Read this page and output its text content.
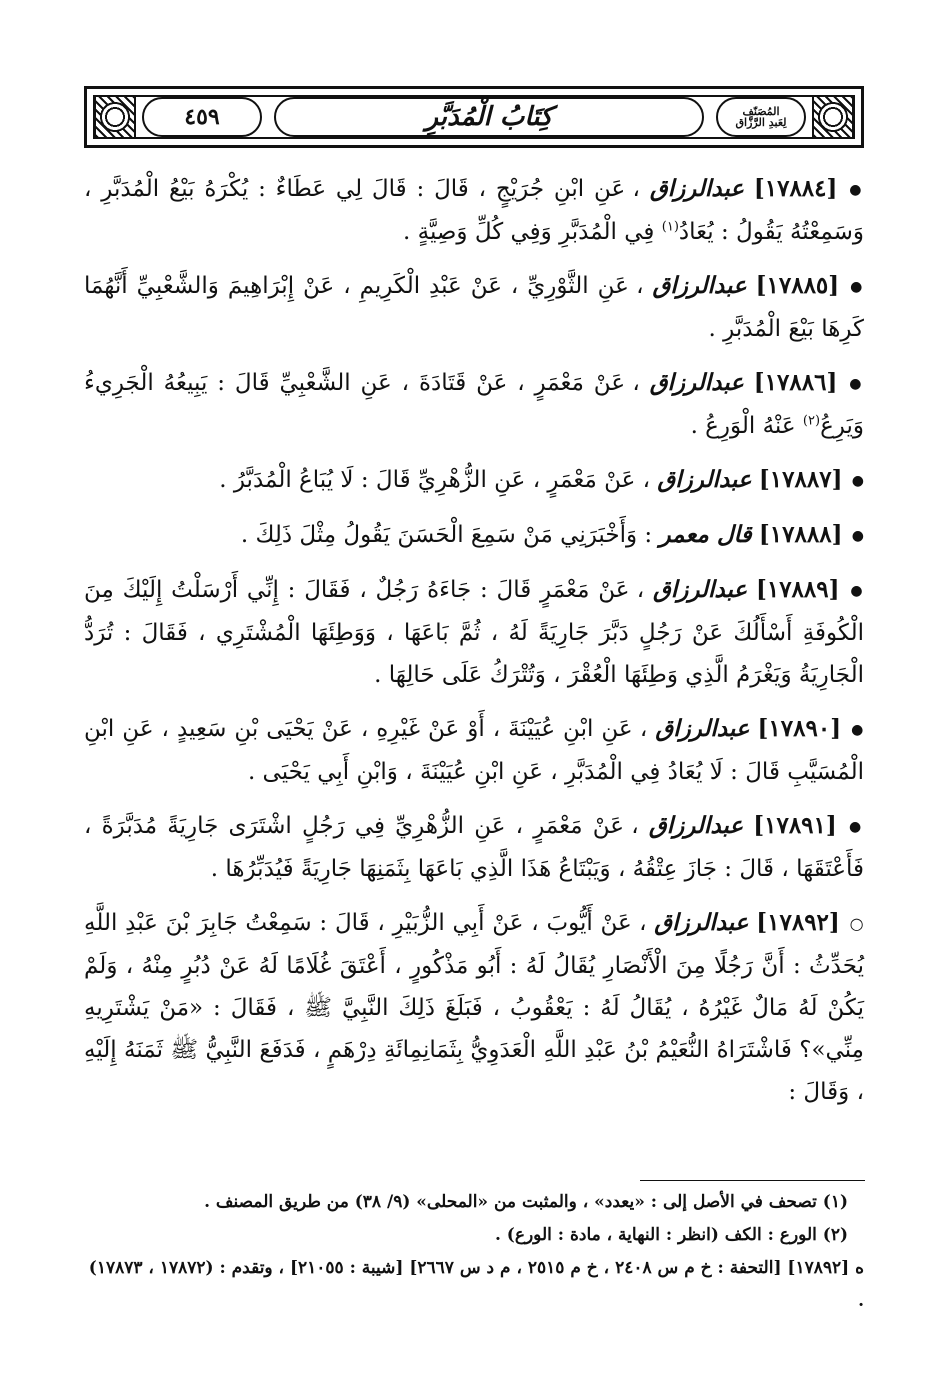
٤٥٩	كِتَابُ الْمُدَبَّرِ	المُصَنّف
لِعَبدِ الرَّزَّاق

● [١٧٨٨٤] عبدالرزاق ، عَنِ ابْنِ جُرَيْجٍ ، قَالَ : قَالَ لِي عَطَاءٌ : يُكْرَهُ بَيْعُ الْمُدَبَّرِ ، وَسَمِعْتُهُ يَقُولُ : يُعَادُ$^{(١)}$ فِي الْمُدَبَّرِ وَفِي كُلِّ وَصِيَّةٍ .

● [١٧٨٨٥] عبدالرزاق ، عَنِ الثَّوْرِيِّ ، عَنْ عَبْدِ الْكَرِيمِ ، عَنْ إِبْرَاهِيمَ وَالشَّعْبِيِّ أَنَّهُمَا كَرِهَا بَيْعَ الْمُدَبَّرِ .

● [١٧٨٨٦] عبدالرزاق ، عَنْ مَعْمَرٍ ، عَنْ قَتَادَةَ ، عَنِ الشَّعْبِيِّ قَالَ : يَبِيعُهُ الْجَرِيءُ وَيَرِعُ$^{(٢)}$ عَنْهُ الْوَرِعُ .

● [١٧٨٨٧] عبدالرزاق ، عَنْ مَعْمَرٍ ، عَنِ الزُّهْرِيِّ قَالَ : لَا يُبَاعُ الْمُدَبَّرُ .

● [١٧٨٨٨] قال معمر : وَأَخْبَرَنِي مَنْ سَمِعَ الْحَسَنَ يَقُولُ مِثْلَ ذَلِكَ .

● [١٧٨٨٩] عبدالرزاق ، عَنْ مَعْمَرٍ قَالَ : جَاءَهُ رَجُلٌ ، فَقَالَ : إِنِّي أَرْسَلْتُ إِلَيْكَ مِنَ الْكُوفَةِ أَسْأَلُكَ عَنْ رَجُلٍ دَبَّرَ جَارِيَةً لَهُ ، ثُمَّ بَاعَهَا ، وَوَطِئَهَا الْمُشْتَرِي ، فَقَالَ : تُرَدُّ الْجَارِيَةُ وَيَغْرَمُ الَّذِي وَطِئَهَا الْعُقْرَ ، وَتُتْرَكُ عَلَى حَالِهَا .

● [١٧٨٩٠] عبدالرزاق ، عَنِ ابْنِ عُيَيْنَةَ ، أَوْ عَنْ غَيْرِهِ ، عَنْ يَحْيَى بْنِ سَعِيدٍ ، عَنِ ابْنِ الْمُسَيَّبِ قَالَ : لَا يُعَادُ فِي الْمُدَبَّرِ ، عَنِ ابْنِ عُيَيْنَةَ ، وَابْنِ أَبِي يَحْيَى .

● [١٧٨٩١] عبدالرزاق ، عَنْ مَعْمَرٍ ، عَنِ الزُّهْرِيِّ فِي رَجُلٍ اشْتَرَى جَارِيَةً مُدَبَّرَةً ، فَأَعْتَقَهَا ، قَالَ : جَازَ عِتْقُهُ ، وَيَبْتَاعُ هَذَا الَّذِي بَاعَهَا بِثَمَنِهَا جَارِيَةً فَيُدَبِّرُهَا .

○ [١٧٨٩٢] عبدالرزاق ، عَنْ أَيُّوبَ ، عَنْ أَبِي الزُّبَيْرِ ، قَالَ : سَمِعْتُ جَابِرَ بْنَ عَبْدِ اللَّهِ يُحَدِّثُ : أَنَّ رَجُلًا مِنَ الْأَنْصَارِ يُقَالُ لَهُ : أَبُو مَذْكُورٍ ، أَعْتَقَ غُلَامًا لَهُ عَنْ دُبُرٍ مِنْهُ ، وَلَمْ يَكُنْ لَهُ مَالٌ غَيْرُهُ ، يُقَالُ لَهُ : يَعْقُوبُ ، فَبَلَغَ ذَلِكَ النَّبِيَّ ﷺ ، فَقَالَ : «مَنْ يَشْتَرِيهِ مِنِّي»؟ فَاشْتَرَاهُ النُّعَيْمُ بْنُ عَبْدِ اللَّهِ الْعَدَوِيُّ بِثَمَانِمِائَةِ دِرْهَمٍ ، فَدَفَعَ النَّبِيُّ ﷺ ثَمَنَهُ إِلَيْهِ ، وَقَالَ :

(١) تصحف في الأصل إلى : «يعدد» ، والمثبت من «المحلى» (٩/ ٣٨) من طريق المصنف .

(٢) الورع : الكف (انظر : النهاية ، مادة : الورع) .

ه [١٧٨٩٢] [التحفة : خ م س ٢٤٠٨ ، خ م ٢٥١٥ ، م د س ٢٦٦٧] [شيبة : ٢١٠٥٥] ، وتقدم : (١٧٨٧٢ ، ١٧٨٧٣) .
